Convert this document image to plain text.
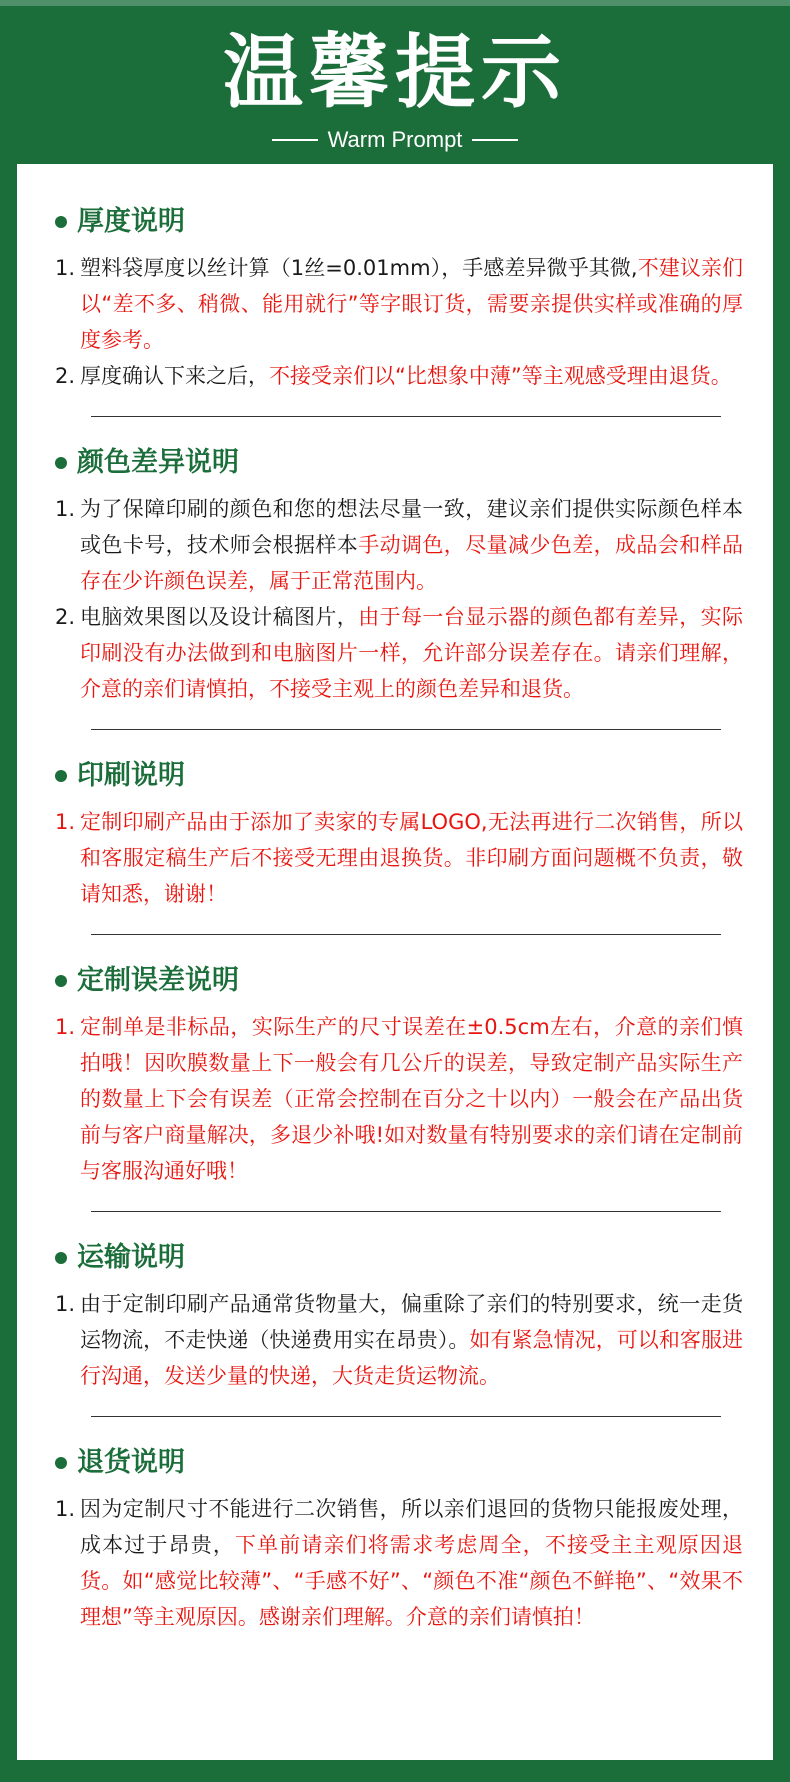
温馨提示
Warm Prompt
厚度说明
1. 塑料袋厚度以丝计算（1丝=0.01mm），手感差异微乎其微,不建议亲们以“差不多、稍微、能用就行”等字眼订货，需要亲提供实样或准确的厚度参考。
2. 厚度确认下来之后，不接受亲们以“比想象中薄”等主观感受理由退货。
颜色差异说明
1. 为了保障印刷的颜色和您的想法尽量一致，建议亲们提供实际颜色样本或色卡号，技术师会根据样本手动调色，尽量减少色差，成品会和样品存在少许颜色误差，属于正常范围内。
2. 电脑效果图以及设计稿图片，由于每一台显示器的颜色都有差异，实际印刷没有办法做到和电脑图片一样，允许部分误差存在。请亲们理解，介意的亲们请慎拍，不接受主观上的颜色差异和退货。
印刷说明
1. 定制印刷产品由于添加了卖家的专属LOGO,无法再进行二次销售，所以和客服定稿生产后不接受无理由退换货。非印刷方面问题概不负责，敬请知悉，谢谢！
定制误差说明
1. 定制单是非标品，实际生产的尺寸误差在±0.5cm左右，介意的亲们慎拍哦！因吹膜数量上下一般会有几公斤的误差，导致定制产品实际生产的数量上下会有误差（正常会控制在百分之十以内）一般会在产品出货前与客户商量解决，多退少补哦!如对数量有特别要求的亲们请在定制前与客服沟通好哦！
运输说明
1. 由于定制印刷产品通常货物量大，偏重除了亲们的特别要求，统一走货运物流，不走快递（快递费用实在昂贵）。如有紧急情况，可以和客服进行沟通，发送少量的快递，大货走货运物流。
退货说明
1. 因为定制尺寸不能进行二次销售，所以亲们退回的货物只能报废处理，成本过于昂贵，下单前请亲们将需求考虑周全，不接受主主观原因退货。如“感觉比较薄”、“手感不好”、“颜色不准“颜色不鲜艳”、“效果不理想”等主观原因。感谢亲们理解。介意的亲们请慎拍！
